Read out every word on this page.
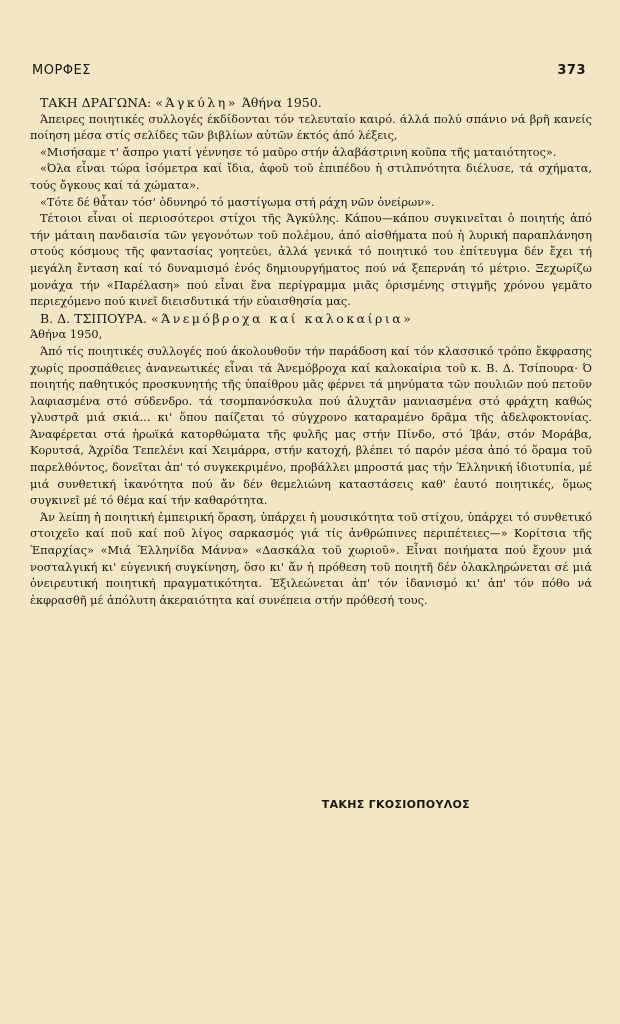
ΜΟΡΦΕΣ	373

ΤΑΚΗ ΔΡΑΓΩΝΑ: «Άγκύλη» Άθήνα 1950.

Άπειρες ποιητικές συλλογές έκδίδονται τόν τελευταίο καιρό. άλλά πολύ σπάνιο νά βρῆ κανείς ποίηση μέσα στίς σελίδες τῶν βιβλίων αὐτῶν έκτός άπό λέξεις,

«Μισήσαμε τ' ἄσπρο γιατί γέννησε τό μαῦρο στήν ἀλαβάστρινη κοῦπα τῆς ματαιότητος».

«Όλα εἶναι τώρα ἰσόμετρα καί ἴδια, ἀφοῦ τοῦ ἐπιπέδου ἡ στιλπνότητα διέλυσε, τά σχήματα, τούς ὄγκους καί τά χώματα».

«Τότε δέ θἆταν τόσ' ὀδυνηρό τό μαστίγωμα στή ράχη νῶν ὀνείρων».

Τέτοιοι εἶναι οἱ περιοσότεροι στίχοι τῆς Άγκύλης. Κάπου—κάπου συγκινεῖται ὁ ποιητής ἀπό τήν μάταιη πανδαισία τῶν γεγονότων τοῦ πολέμου, ἀπό αἰσθήματα πού ἡ λυρική παραπλάνηση στούς κόσμους τῆς φαντασίας γοητεύει, ἀλλά γενικά τό ποιητικό του ἐπίτευγμα δέν ἔχει τή μεγάλη ἔνταση καί τό δυναμισμό ἑνός δημιουργήματος πού νά ξεπερνάη τό μέτριο. Ξεχωρίζω μονάχα τήν «Παρέλαση» πού εἶναι ἕνα περίγραμμα μιᾶς ὁρισμένης στιγμῆς χρόνου γεμᾶτο περιεχόμενο πού κινεῖ διεισδυτικά τήν εὐαισθησία μας.

Β. Δ. ΤΣΙΠΟΥΡΑ. «Άνεμόβροχα καί καλοκαίρια»

Άθήνα 1950,

Άπό τίς ποιητικές συλλογές πού ἀκολουθοῦν τήν παράδοση καί τόν κλασσικό τρόπο ἔκφρασης χωρίς προσπάθειες ἀνανεωτικές εἶναι τά Άνεμόβροχα καί καλοκαίρια τοῦ κ. Β. Δ. Τσίπουρα· Ό ποιητής παθητικός προσκυνητής τῆς ὑπαίθρου μᾶς φέρνει τά μηνύματα τῶν πουλιῶν πού πετοῦν λαφιασμένα στό σύδενδρο. τά τσομπανόσκυλα πού ἀλυχτᾶν μανιασμένα στό φράχτη καθώς γλυστρᾶ μιά σκιά... κι' ὅπου παίζεται τό σύγχρονο καταραμένο δρᾶμα τῆς ἀδελφοκτονίας. Άναφέρεται στά ἡρωϊκά κατορθώματα τῆς φυλῆς μας στήν Πίνδο, στό Ίβάν, στόν Μοράβα, Κορυτσά, Άχρίδα Τεπελένι καί Χειμάρρα, στήν κατοχή, βλέπει τό παρόν μέσα ἀπό τό ὅραμα τοῦ παρελθόντος, δονεῖται ἀπ' τό συγκεκριμένο, προβάλλει μπροστά μας τήν Έλληνική ἰδιοτυπία, μέ μιά συνθετική ἱκανότητα πού ἄν δέν θεμελιώνη καταστάσεις καθ' ἑαυτό ποιητικές, ὅμως συγκινεῖ μέ τό θέμα καί τήν καθαρότητα.

Άν λείπη ἡ ποιητική ἐμπειρική ὅραση, ὑπάρχει ἡ μουσικότητα τοῦ στίχου, ὑπάρχει τό συνθετικό στοιχεῖο καί ποῦ καί ποῦ λίγος σαρκασμός γιά τίς ἀνθρώπινες περιπέτειες—» Κορίτσια τῆς Έπαρχίας» «Μιά Έλληνίδα Μάννα» «Δασκάλα τοῦ χωριοῦ». Εἶναι ποιήματα πού ἔχουν μιά νοσταλγική κι' εὐγενική συγκίνηση, ὅσο κι' ἄν ἡ πρόθεση τοῦ ποιητῆ δέν ὁλακληρώνεται σέ μιά ὀνειρευτική ποιητική πραγματικότητα. Έξιλεώνεται ἀπ' τόν ἰδανισμό κι' ἀπ' τόν πόθο νά ἐκφρασθῆ μέ ἀπόλυτη ἀκεραιότητα καί συνέπεια στήν πρόθεσή τους.

ΤΑΚΗΣ ΓΚΟΣΙΟΠΟΥΛΟΣ
